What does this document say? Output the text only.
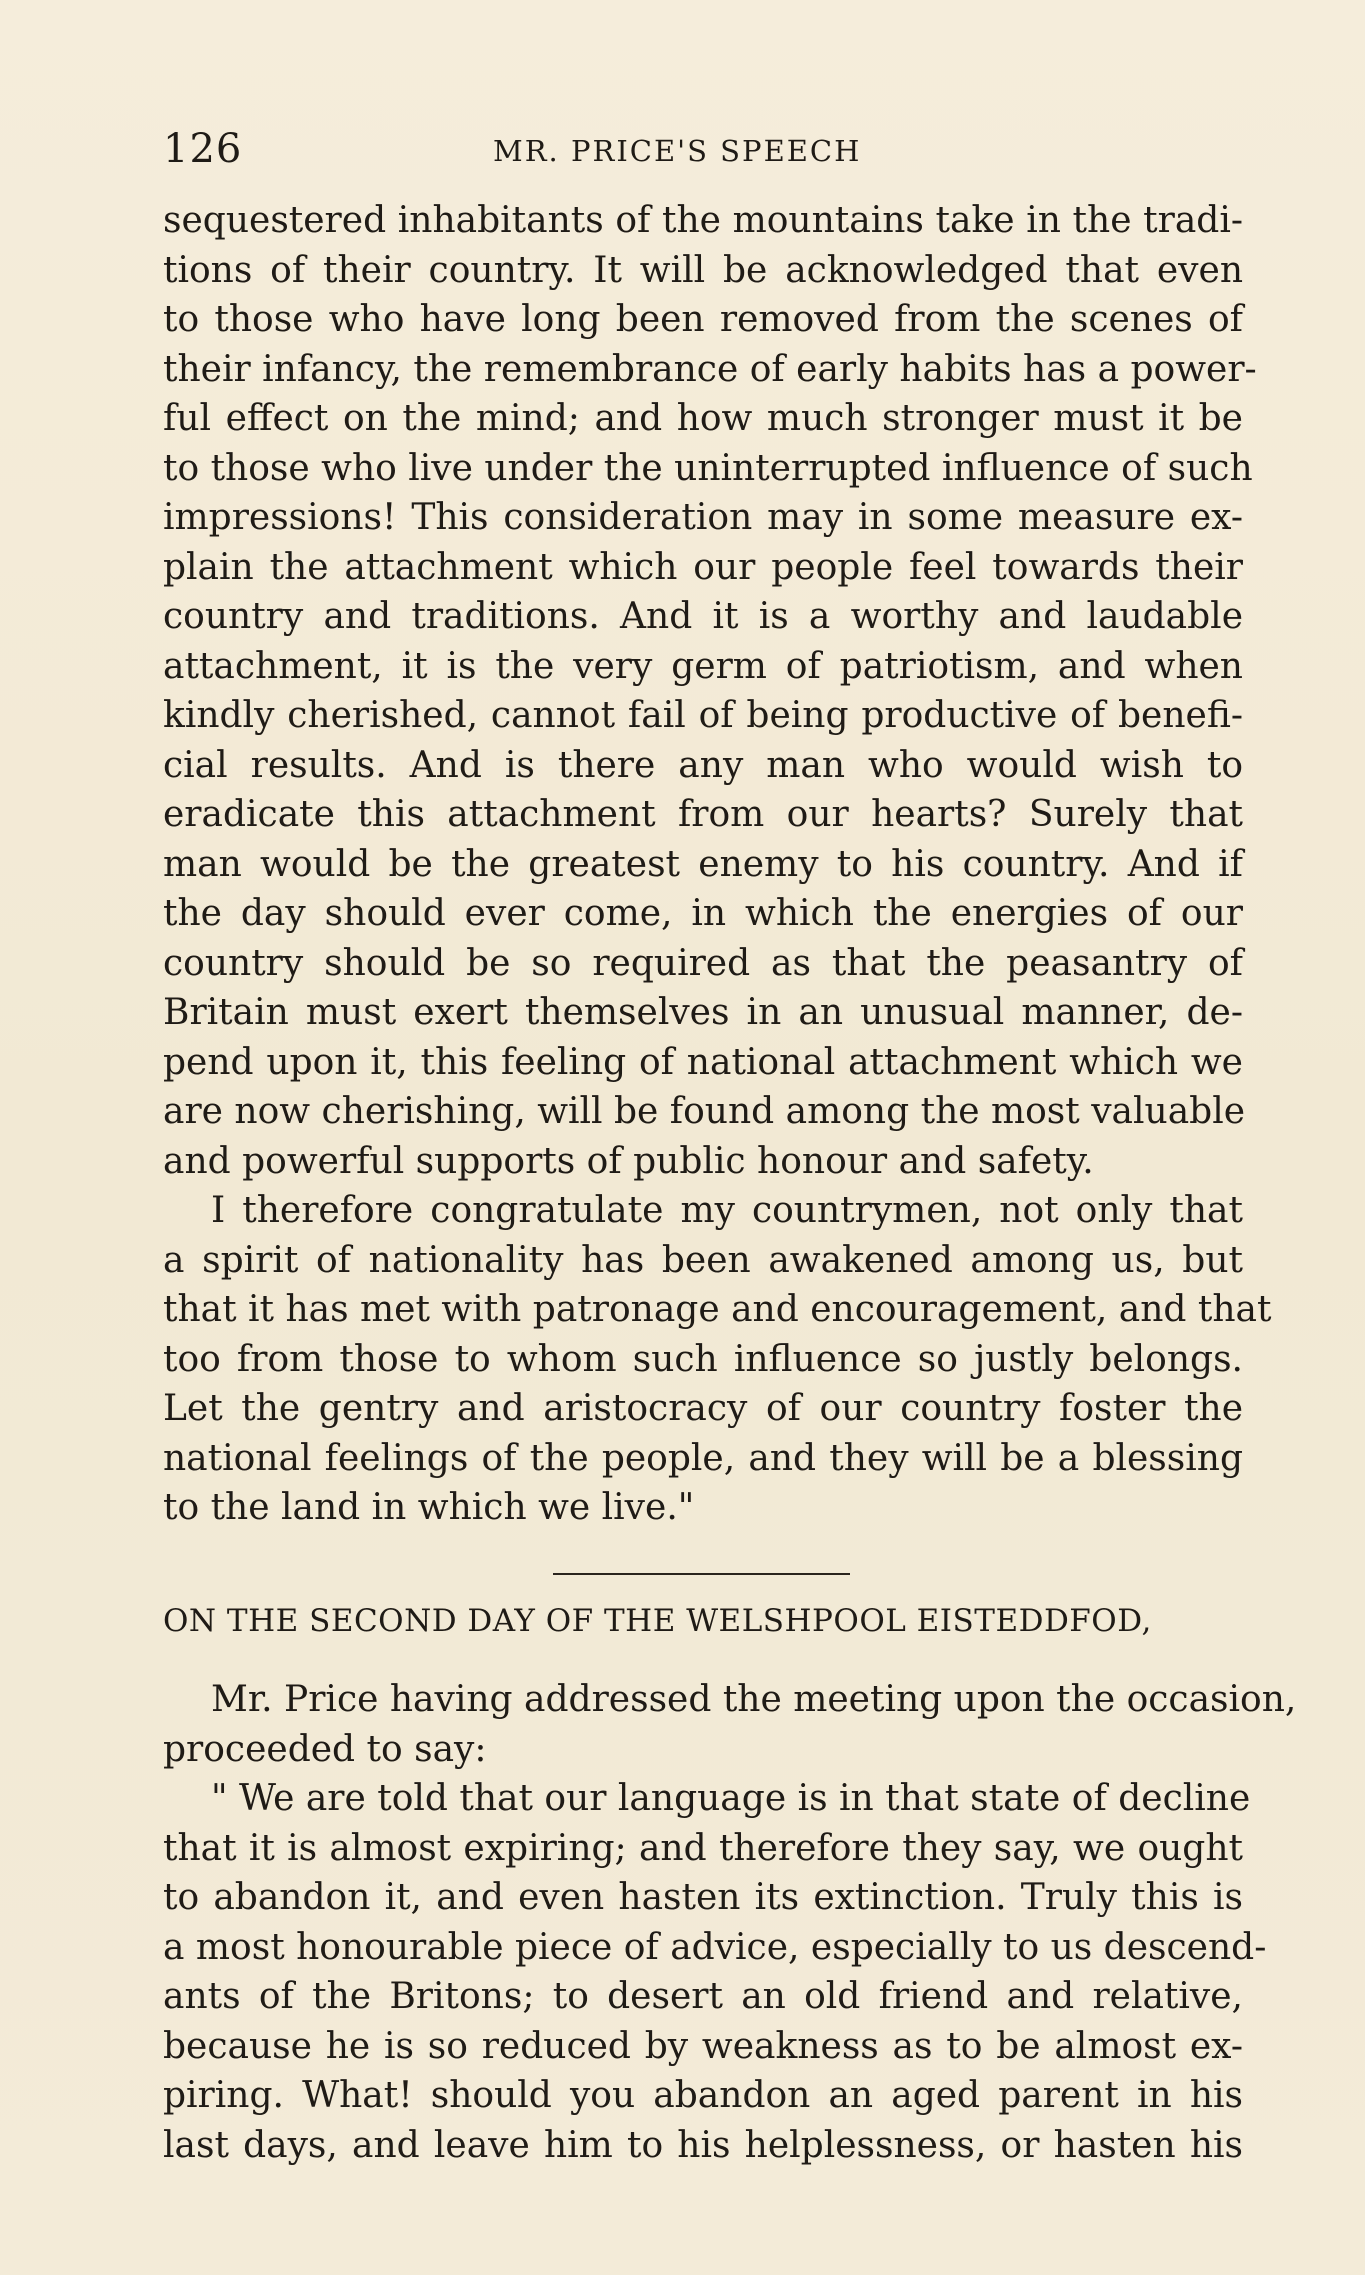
126	MR. PRICE'S SPEECH
sequestered inhabitants of the mountains take in the tradi-
tions of their country. It will be acknowledged that even
to those who have long been removed from the scenes of
their infancy, the remembrance of early habits has a power-
ful effect on the mind; and how much stronger must it be
to those who live under the uninterrupted influence of such
impressions! This consideration may in some measure ex-
plain the attachment which our people feel towards their
country and traditions. And it is a worthy and laudable
attachment, it is the very germ of patriotism, and when
kindly cherished, cannot fail of being productive of benefi-
cial results. And is there any man who would wish to
eradicate this attachment from our hearts? Surely that
man would be the greatest enemy to his country. And if
the day should ever come, in which the energies of our
country should be so required as that the peasantry of
Britain must exert themselves in an unusual manner, de-
pend upon it, this feeling of national attachment which we
are now cherishing, will be found among the most valuable
and powerful supports of public honour and safety.
I therefore congratulate my countrymen, not only that
a spirit of nationality has been awakened among us, but
that it has met with patronage and encouragement, and that
too from those to whom such influence so justly belongs.
Let the gentry and aristocracy of our country foster the
national feelings of the people, and they will be a blessing
to the land in which we live."
ON THE SECOND DAY OF THE WELSHPOOL EISTEDDFOD,
Mr. Price having addressed the meeting upon the occasion,
proceeded to say:
" We are told that our language is in that state of decline
that it is almost expiring; and therefore they say, we ought
to abandon it, and even hasten its extinction. Truly this is
a most honourable piece of advice, especially to us descend-
ants of the Britons; to desert an old friend and relative,
because he is so reduced by weakness as to be almost ex-
piring. What! should you abandon an aged parent in his
last days, and leave him to his helplessness, or hasten his
